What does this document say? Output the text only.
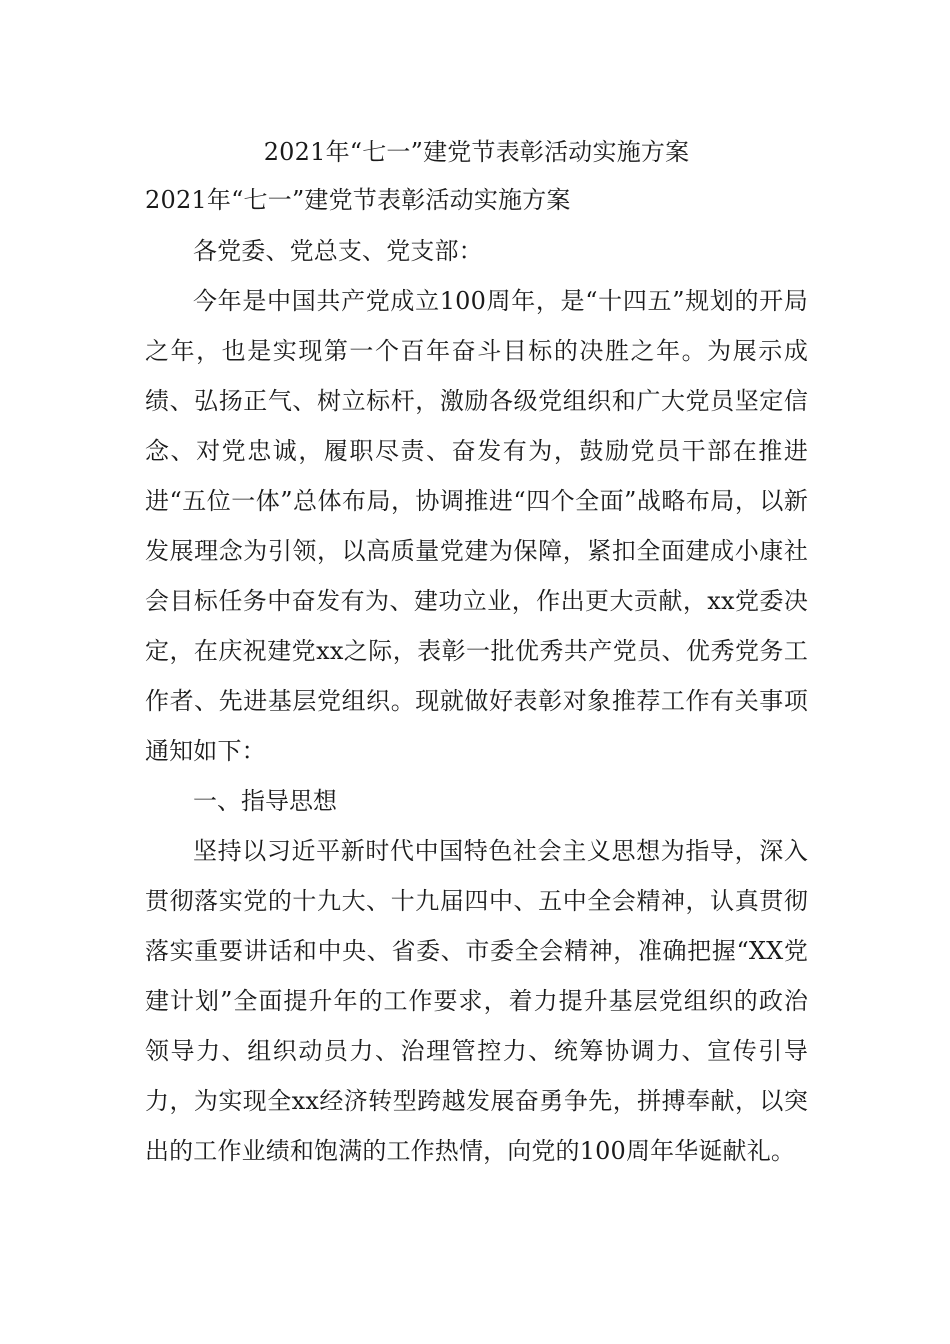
2021年“七一”建党节表彰活动实施方案
2021年“七一”建党节表彰活动实施方案

各党委、党总支、党支部：

今年是中国共产党成立100周年，是“十四五”规划的开局之年，也是实现第一个百年奋斗目标的决胜之年。为展示成绩、弘扬正气、树立标杆，激励各级党组织和广大党员坚定信念、对党忠诚，履职尽责、奋发有为，鼓励党员干部在推进进“五位一体”总体布局，协调推进“四个全面”战略布局，以新发展理念为引领，以高质量党建为保障，紧扣全面建成小康社会目标任务中奋发有为、建功立业，作出更大贡献，xx党委决定，在庆祝建党xx之际，表彰一批优秀共产党员、优秀党务工作者、先进基层党组织。现就做好表彰对象推荐工作有关事项通知如下：

一、指导思想

坚持以习近平新时代中国特色社会主义思想为指导，深入贯彻落实党的十九大、十九届四中、五中全会精神，认真贯彻落实重要讲话和中央、省委、市委全会精神，准确把握“XX党建计划”全面提升年的工作要求，着力提升基层党组织的政治领导力、组织动员力、治理管控力、统筹协调力、宣传引导力，为实现全xx经济转型跨越发展奋勇争先，拼搏奉献，以突出的工作业绩和饱满的工作热情，向党的100周年华诞献礼。
